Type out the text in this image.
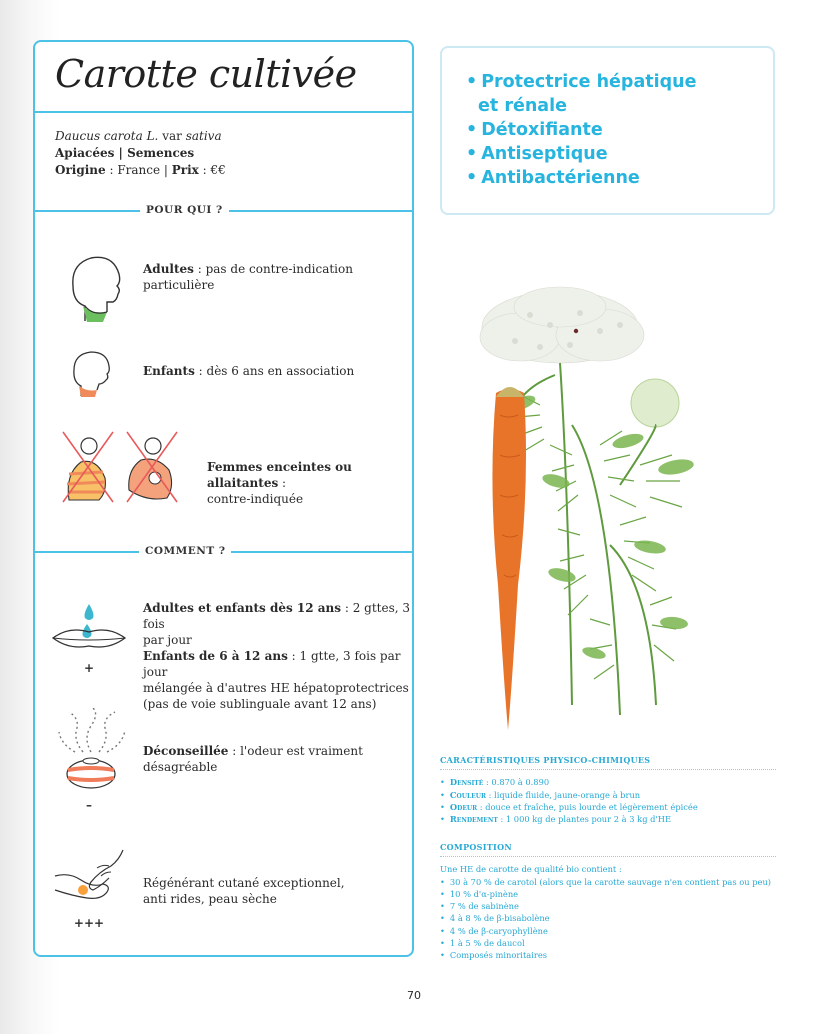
Carotte cultivée
Daucus carota L. var sativa
Apiacées | Semences
Origine : France | Prix : €€
POUR QUI ?
Adultes : pas de contre-indication
particulière
Enfants : dès 6 ans en association
Femmes enceintes ou allaitantes :
contre-indiquée
COMMENT ?
+
Adultes et enfants dès 12 ans : 2 gttes, 3 fois
par jour
Enfants de 6 à 12 ans : 1 gtte, 3 fois par jour
mélangée à d'autres HE hépatoprotectrices
(pas de voie sublinguale avant 12 ans)
–
Déconseillée : l'odeur est vraiment
désagréable
+++
Régénérant cutané exceptionnel,
anti rides, peau sèche
• Protectrice hépatique
et rénale
• Détoxifiante
• Antiseptique
• Antibactérienne
CARACTÉRISTIQUES PHYSICO-CHIMIQUES
• Densité : 0.870 à 0.890
• Couleur : liquide fluide, jaune-orange à brun
• Odeur : douce et fraîche, puis lourde et légèrement épicée
• Rendement : 1 000 kg de plantes pour 2 à 3 kg d'HE
COMPOSITION
Une HE de carotte de qualité bio contient :
• 30 à 70 % de carotol (alors que la carotte sauvage n'en contient pas ou peu)
• 10 % d'α-pinène
• 7 % de sabinène
• 4 à 8 % de β-bisabolène
• 4 % de β-caryophyllène
• 1 à 5 % de daucol
• Composés minoritaires
70
